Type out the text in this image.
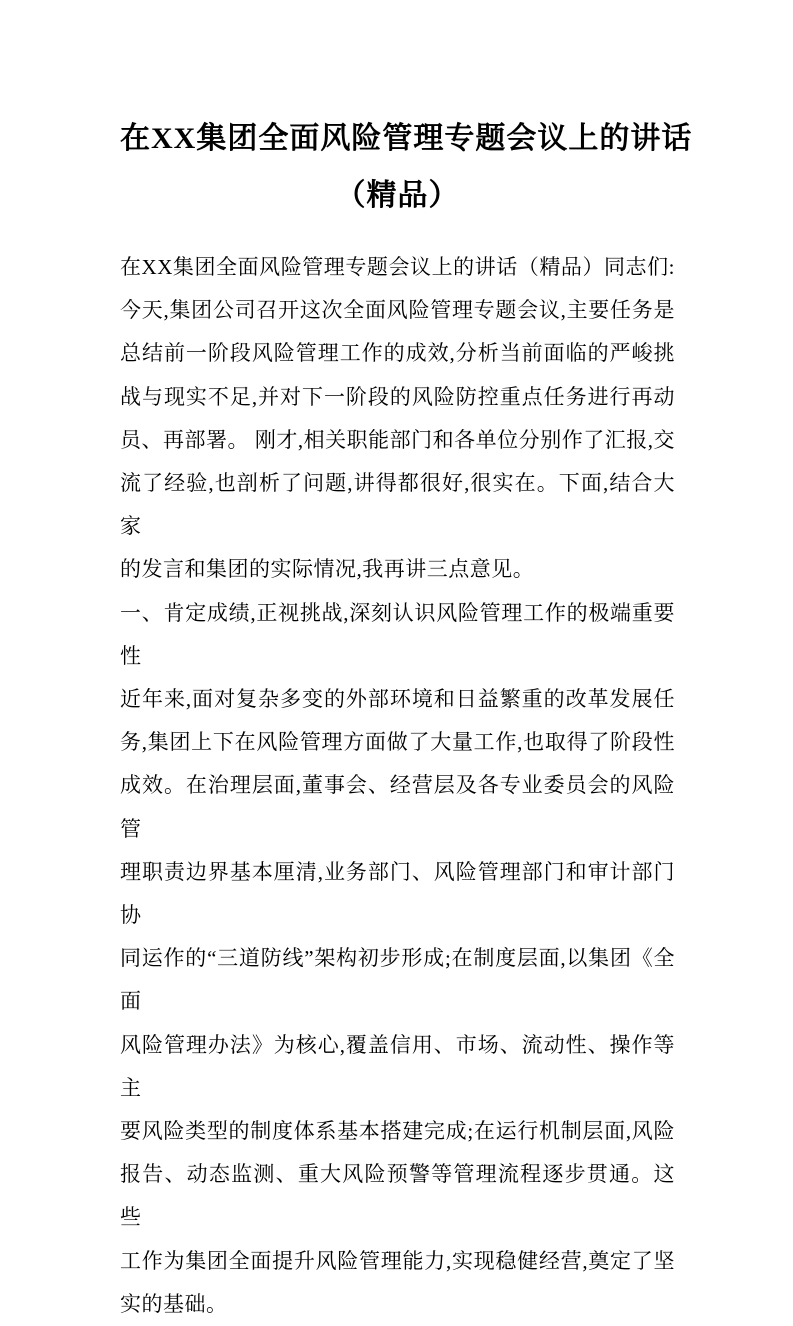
在XX集团全面风险管理专题会议上的讲话
（精品）
在XX集团全面风险管理专题会议上的讲话（精品）同志们:
今天,集团公司召开这次全面风险管理专题会议,主要任务是
总结前一阶段风险管理工作的成效,分析当前面临的严峻挑
战与现实不足,并对下一阶段的风险防控重点任务进行再动
员、再部署。 刚才,相关职能部门和各单位分别作了汇报,交
流了经验,也剖析了问题,讲得都很好,很实在。下面,结合大家
的发言和集团的实际情况,我再讲三点意见。
一、肯定成绩,正视挑战,深刻认识风险管理工作的极端重要
性
近年来,面对复杂多变的外部环境和日益繁重的改革发展任
务,集团上下在风险管理方面做了大量工作,也取得了阶段性
成效。在治理层面,董事会、经营层及各专业委员会的风险管
理职责边界基本厘清,业务部门、风险管理部门和审计部门协
同运作的“三道防线”架构初步形成;在制度层面,以集团《全面
风险管理办法》为核心,覆盖信用、市场、流动性、操作等主
要风险类型的制度体系基本搭建完成;在运行机制层面,风险
报告、动态监测、重大风险预警等管理流程逐步贯通。这些
工作为集团全面提升风险管理能力,实现稳健经营,奠定了坚
实的基础。
